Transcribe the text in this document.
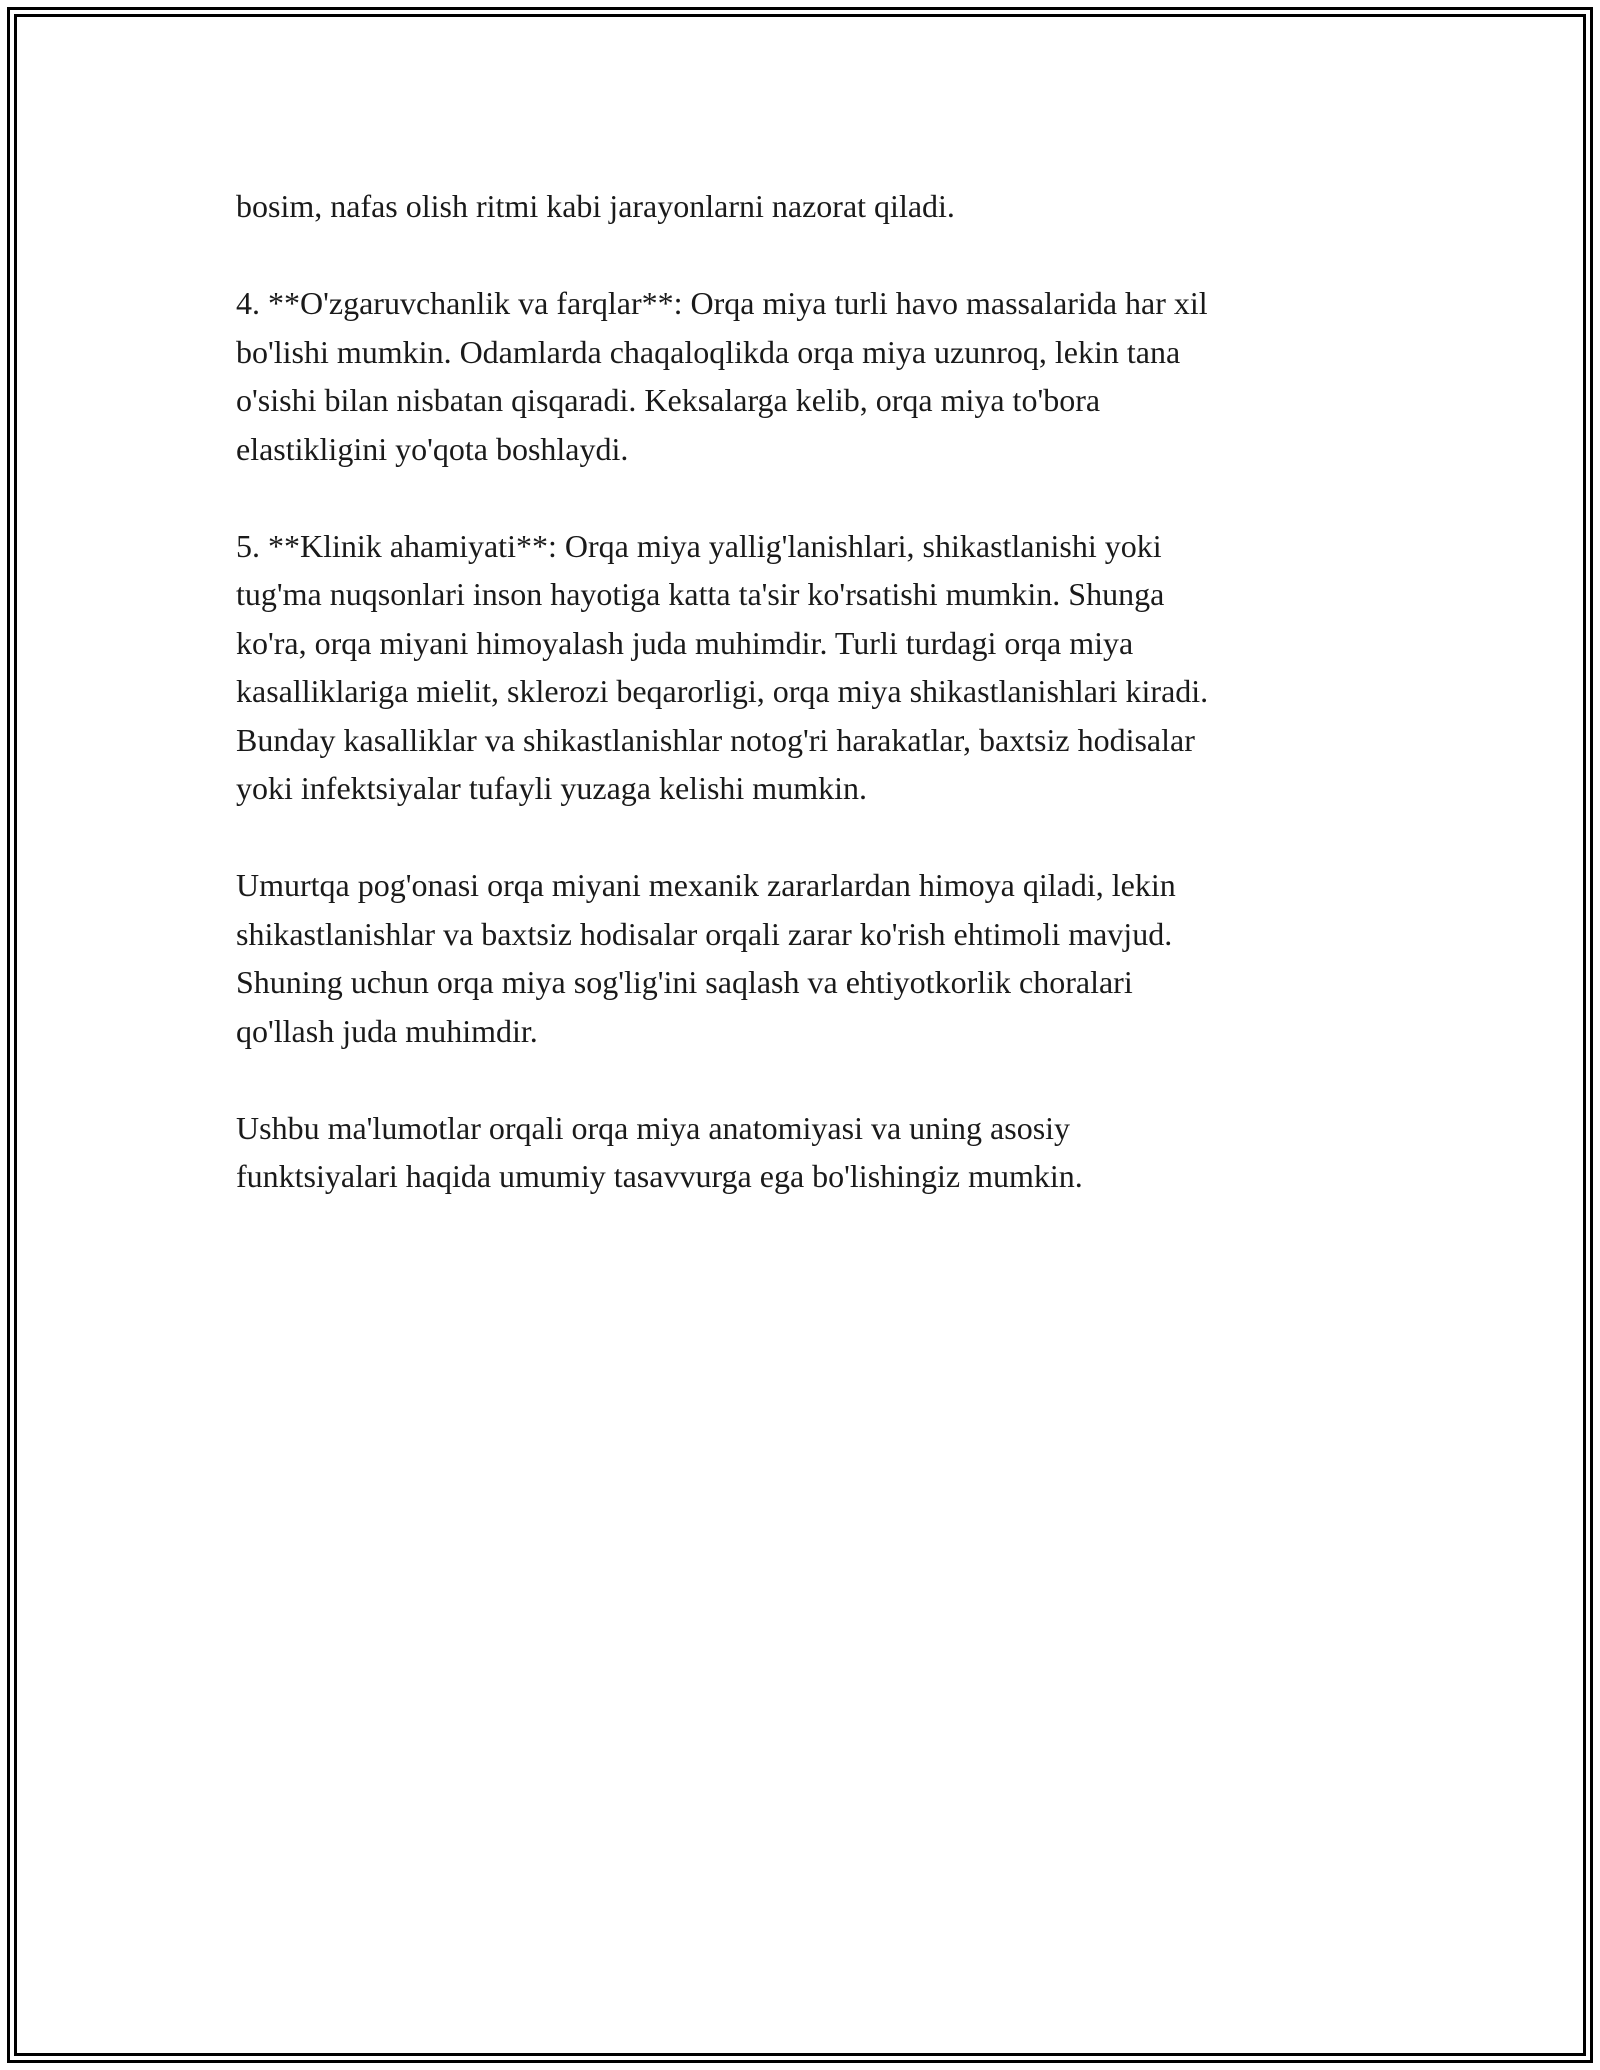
bosim, nafas olish ritmi kabi jarayonlarni nazorat qiladi.

4. **O'zgaruvchanlik va farqlar**: Orqa miya turli havo massalarida har xil
bo'lishi mumkin. Odamlarda chaqaloqlikda orqa miya uzunroq, lekin tana
o'sishi bilan nisbatan qisqaradi. Keksalarga kelib, orqa miya to'bora
elastikligini yo'qota boshlaydi.

5. **Klinik ahamiyati**: Orqa miya yallig'lanishlari, shikastlanishi yoki
tug'ma nuqsonlari inson hayotiga katta ta'sir ko'rsatishi mumkin. Shunga
ko'ra, orqa miyani himoyalash juda muhimdir. Turli turdagi orqa miya
kasalliklariga mielit, sklerozi beqarorligi, orqa miya shikastlanishlari kiradi.
Bunday kasalliklar va shikastlanishlar notog'ri harakatlar, baxtsiz hodisalar
yoki infektsiyalar tufayli yuzaga kelishi mumkin.

Umurtqa pog'onasi orqa miyani mexanik zararlardan himoya qiladi, lekin
shikastlanishlar va baxtsiz hodisalar orqali zarar ko'rish ehtimoli mavjud.
Shuning uchun orqa miya sog'lig'ini saqlash va ehtiyotkorlik choralari
qo'llash juda muhimdir.

Ushbu ma'lumotlar orqali orqa miya anatomiyasi va uning asosiy
funktsiyalari haqida umumiy tasavvurga ega bo'lishingiz mumkin.
